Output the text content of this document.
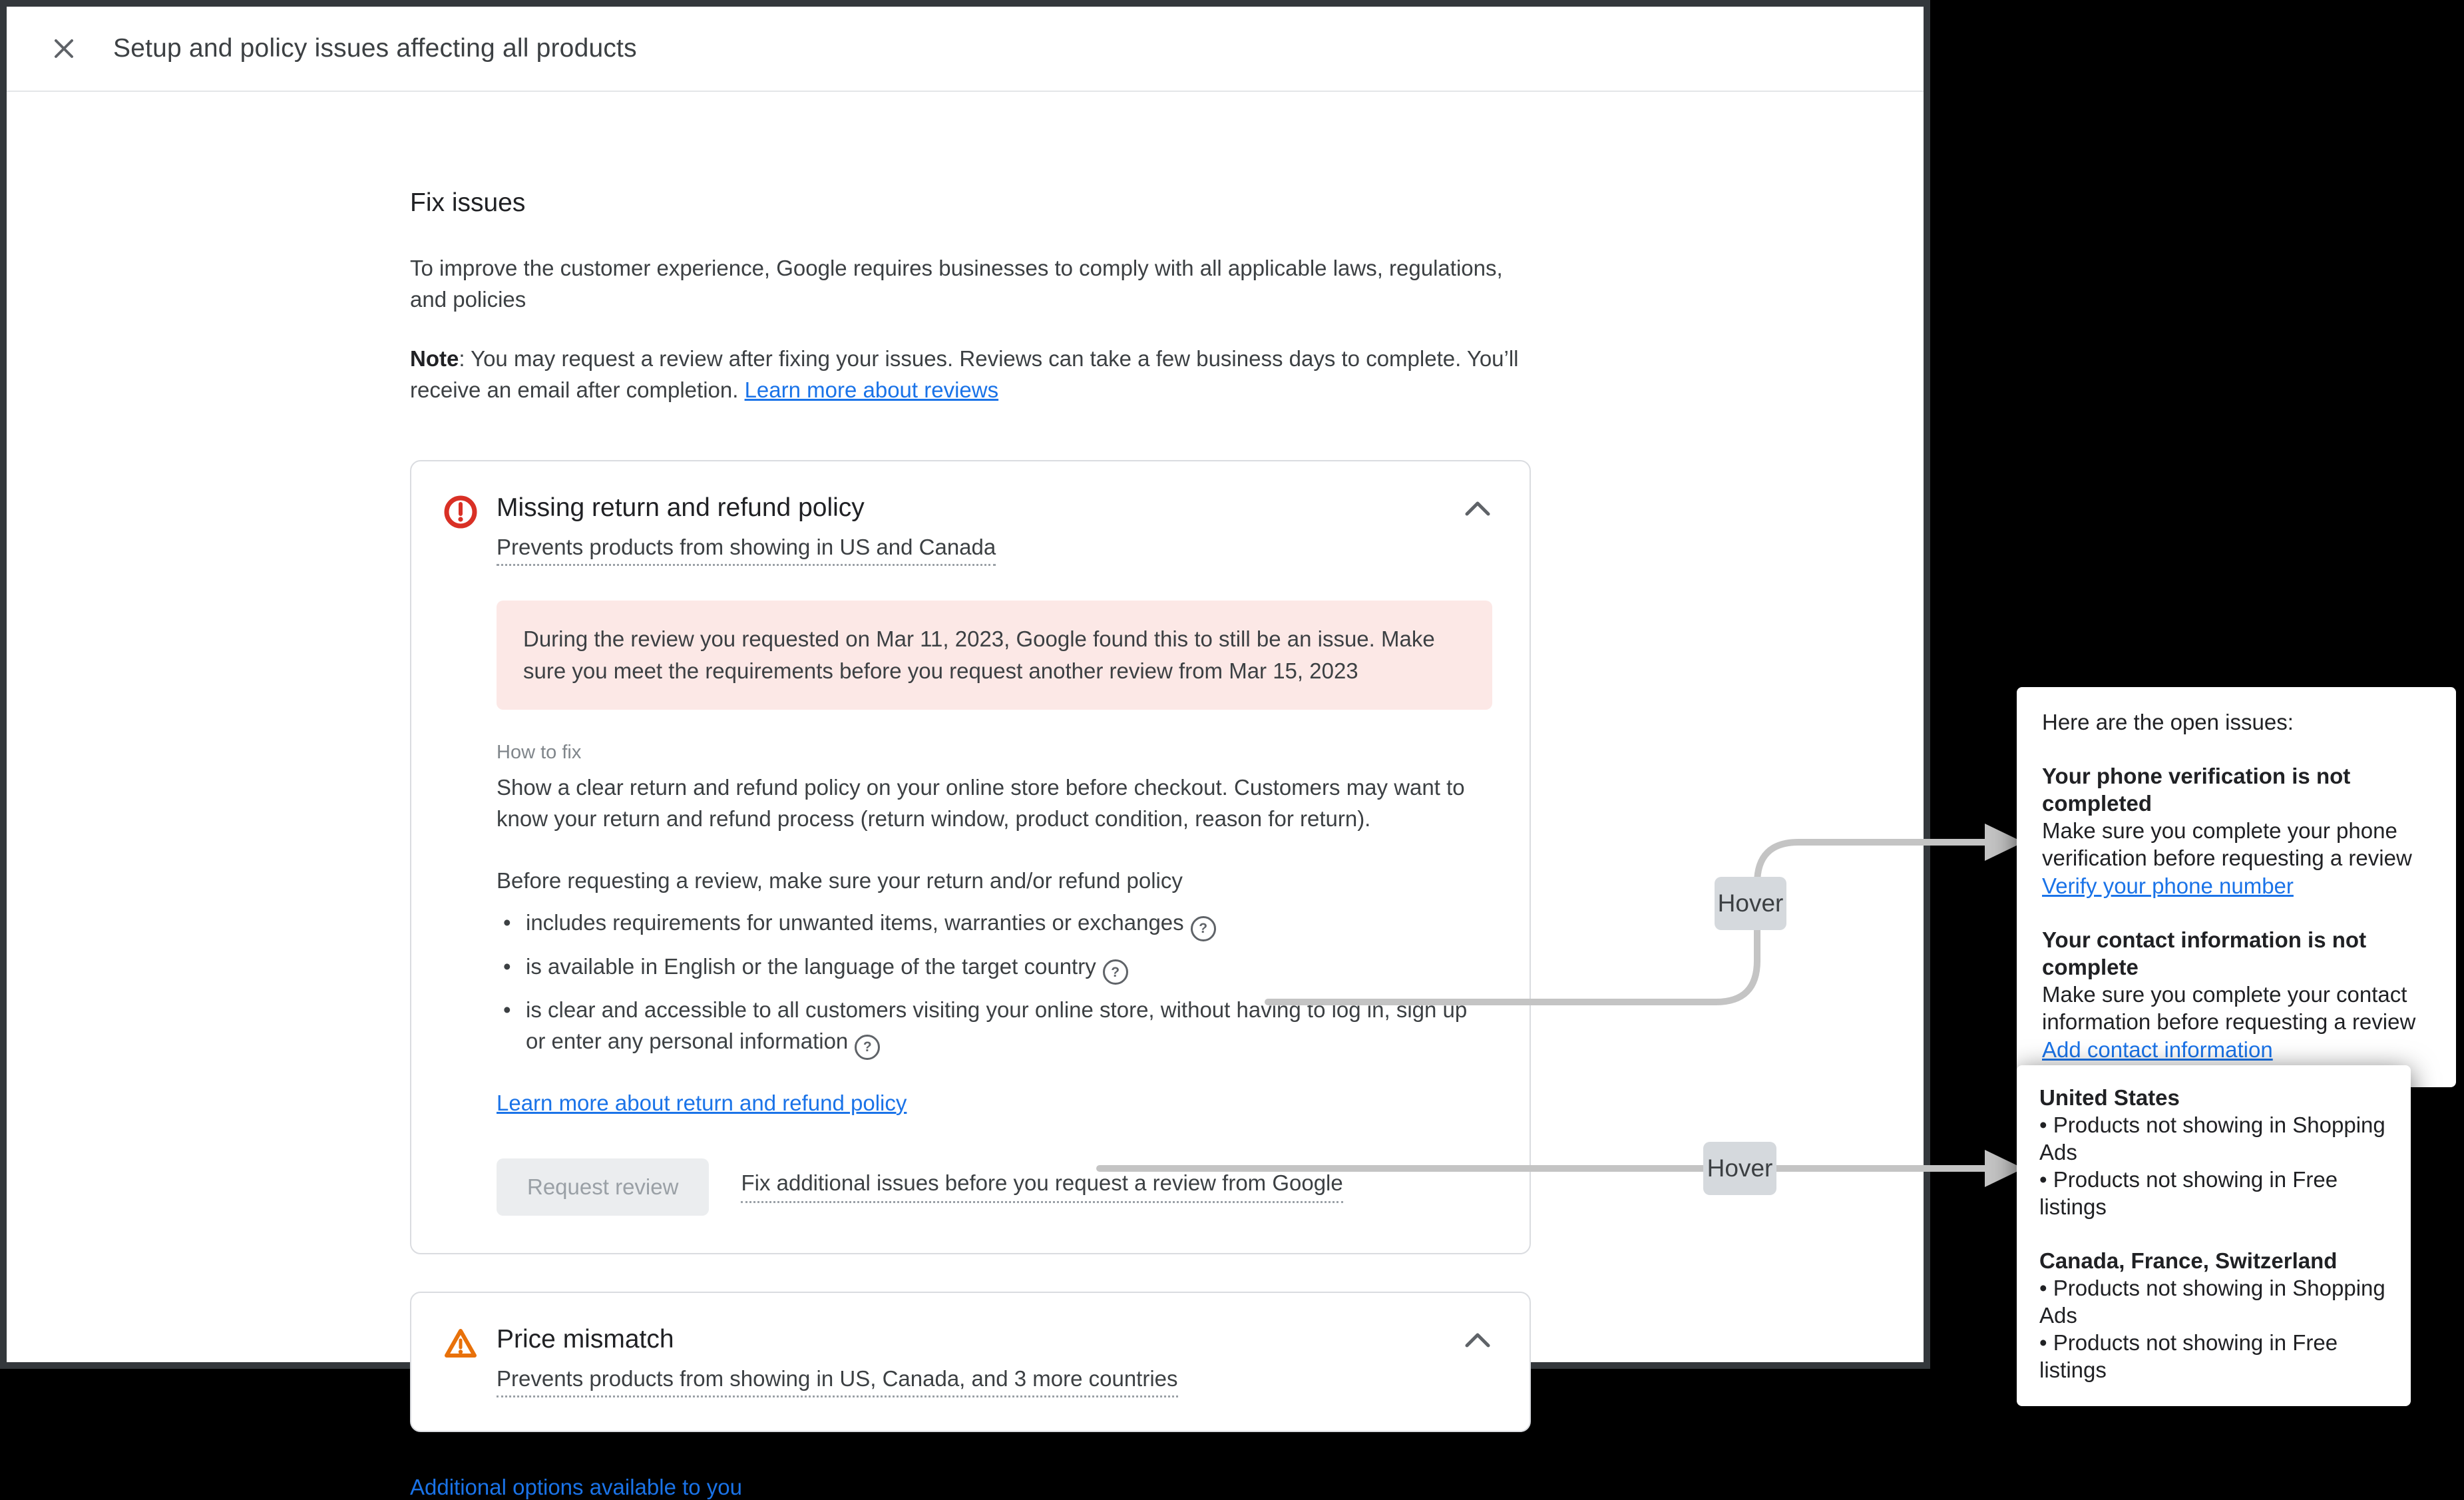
Setup and policy issues affecting all products
Fix issues

To improve the customer experience, Google requires businesses to comply with all applicable laws, regulations, and policies

Note: You may request a review after fixing your issues. Reviews can take a few business days to complete. You’ll receive an email after completion. Learn more about reviews

Missing return and refund policy
Prevents products from showing in US and Canada
During the review you requested on Mar 11, 2023, Google found this to still be an issue. Make sure you meet the requirements before you request another review from Mar 15, 2023
How to fix

Show a clear return and refund policy on your online store before checkout. Customers may want to know your return and refund process (return window, product condition, reason for return).

Before requesting a review, make sure your return and/or refund policy

• includes requirements for unwanted items, warranties or exchanges ?
• is available in English or the language of the target country ?
• is clear and accessible to all customers visiting your online store, without having to log in, sign up or enter any personal information ?
Learn more about return and refund policy
Request review	Fix additional issues before you request a review from Google
Price mismatch
Prevents products from showing in US, Canada, and 3 more countries
Additional options available to you
Hover
Hover

Here are the open issues:

Your phone verification is not completed
Make sure you complete your phone verification before requesting a review
Verify your phone number
Your contact information is not complete
Make sure you complete your contact information before requesting a review
Add contact information
United States
• Products not showing in Shopping Ads
• Products not showing in Free listings
Canada, France, Switzerland
• Products not showing in Shopping Ads
• Products not showing in Free listings
